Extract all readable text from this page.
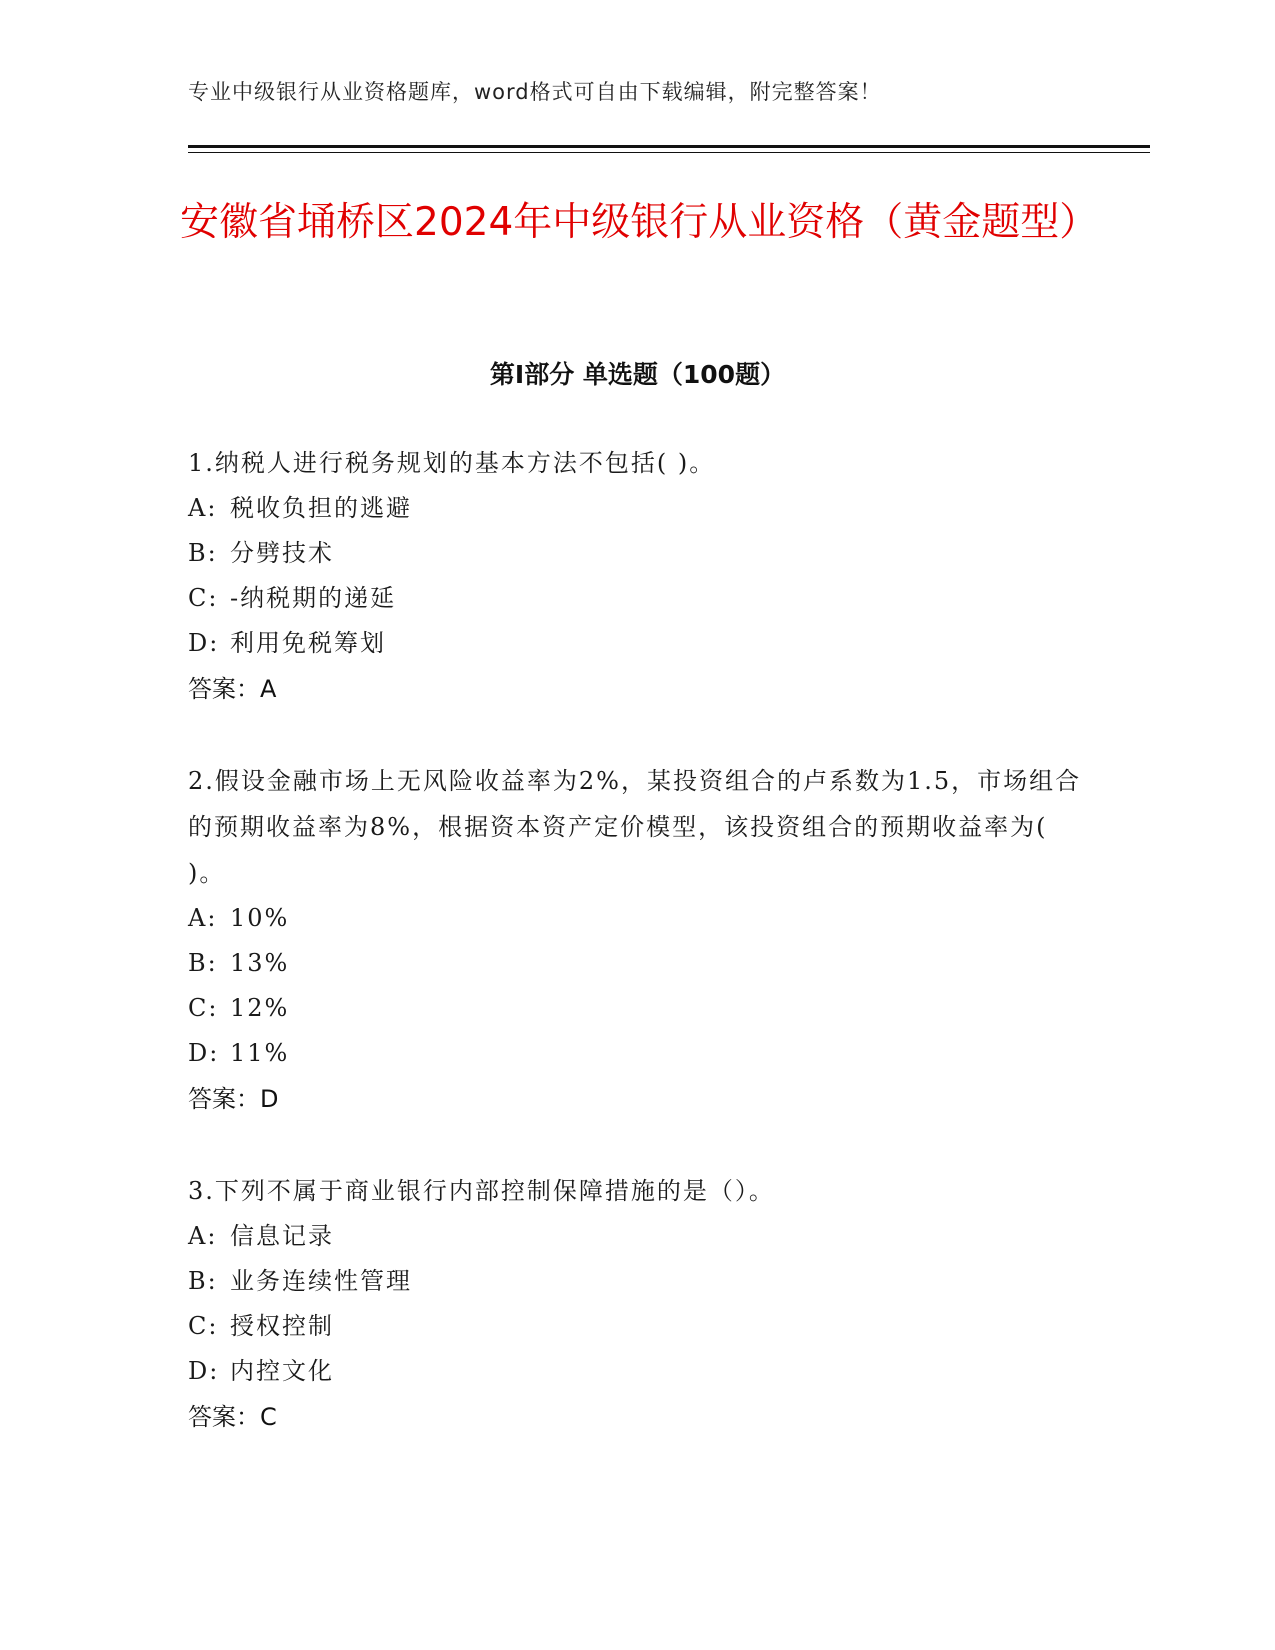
专业中级银行从业资格题库，word格式可自由下载编辑，附完整答案！
安徽省埇桥区2024年中级银行从业资格（黄金题型）
第Ⅰ部分 单选题（100题）
1.纳税人进行税务规划的基本方法不包括( )。
A: 税收负担的逃避
B: 分劈技术
C: -纳税期的递延
D: 利用免税筹划
答案：A
2.假设金融市场上无风险收益率为2%，某投资组合的卢系数为1.5，市场组合的预期收益率为8%，根据资本资产定价模型，该投资组合的预期收益率为( )。
A: 10%
B: 13%
C: 12%
D: 11%
答案：D
3.下列不属于商业银行内部控制保障措施的是（）。
A: 信息记录
B: 业务连续性管理
C: 授权控制
D: 内控文化
答案：C
